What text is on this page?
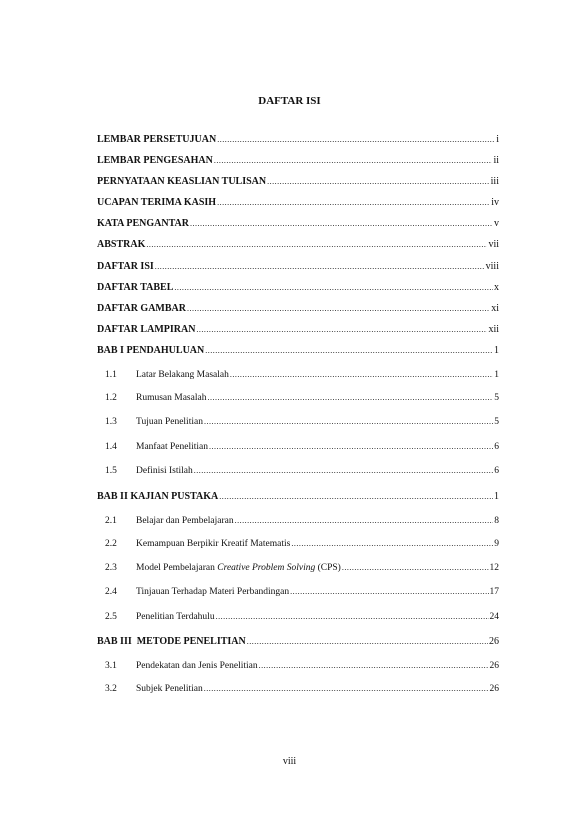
DAFTAR ISI
LEMBAR PERSETUJUAN .....	i
LEMBAR PENGESAHAN .....	ii
PERNYATAAN KEASLIAN TULISAN .....	iii
UCAPAN TERIMA KASIH .....	iv
KATA PENGANTAR .....	v
ABSTRAK .....	vii
DAFTAR ISI .....	viii
DAFTAR TABEL .....	x
DAFTAR GAMBAR .....	xi
DAFTAR LAMPIRAN .....	xii
BAB I PENDAHULUAN .....	1
1.1	Latar Belakang Masalah .....	1
1.2	Rumusan Masalah .....	5
1.3	Tujuan Penelitian .....	5
1.4	Manfaat Penelitian .....	6
1.5	Definisi Istilah .....	6
BAB II KAJIAN PUSTAKA .....	1
2.1	Belajar dan Pembelajaran .....	8
2.2	Kemampuan Berpikir Kreatif Matematis .....	9
2.3	Model Pembelajaran Creative Problem Solving (CPS) .....	12
2.4	Tinjauan Terhadap Materi Perbandingan .....	17
2.5	Penelitian Terdahulu .....	24
BAB III  METODE PENELITIAN .....	26
3.1	Pendekatan dan Jenis Penelitian .....	26
3.2	Subjek Penelitian .....	26
viii
